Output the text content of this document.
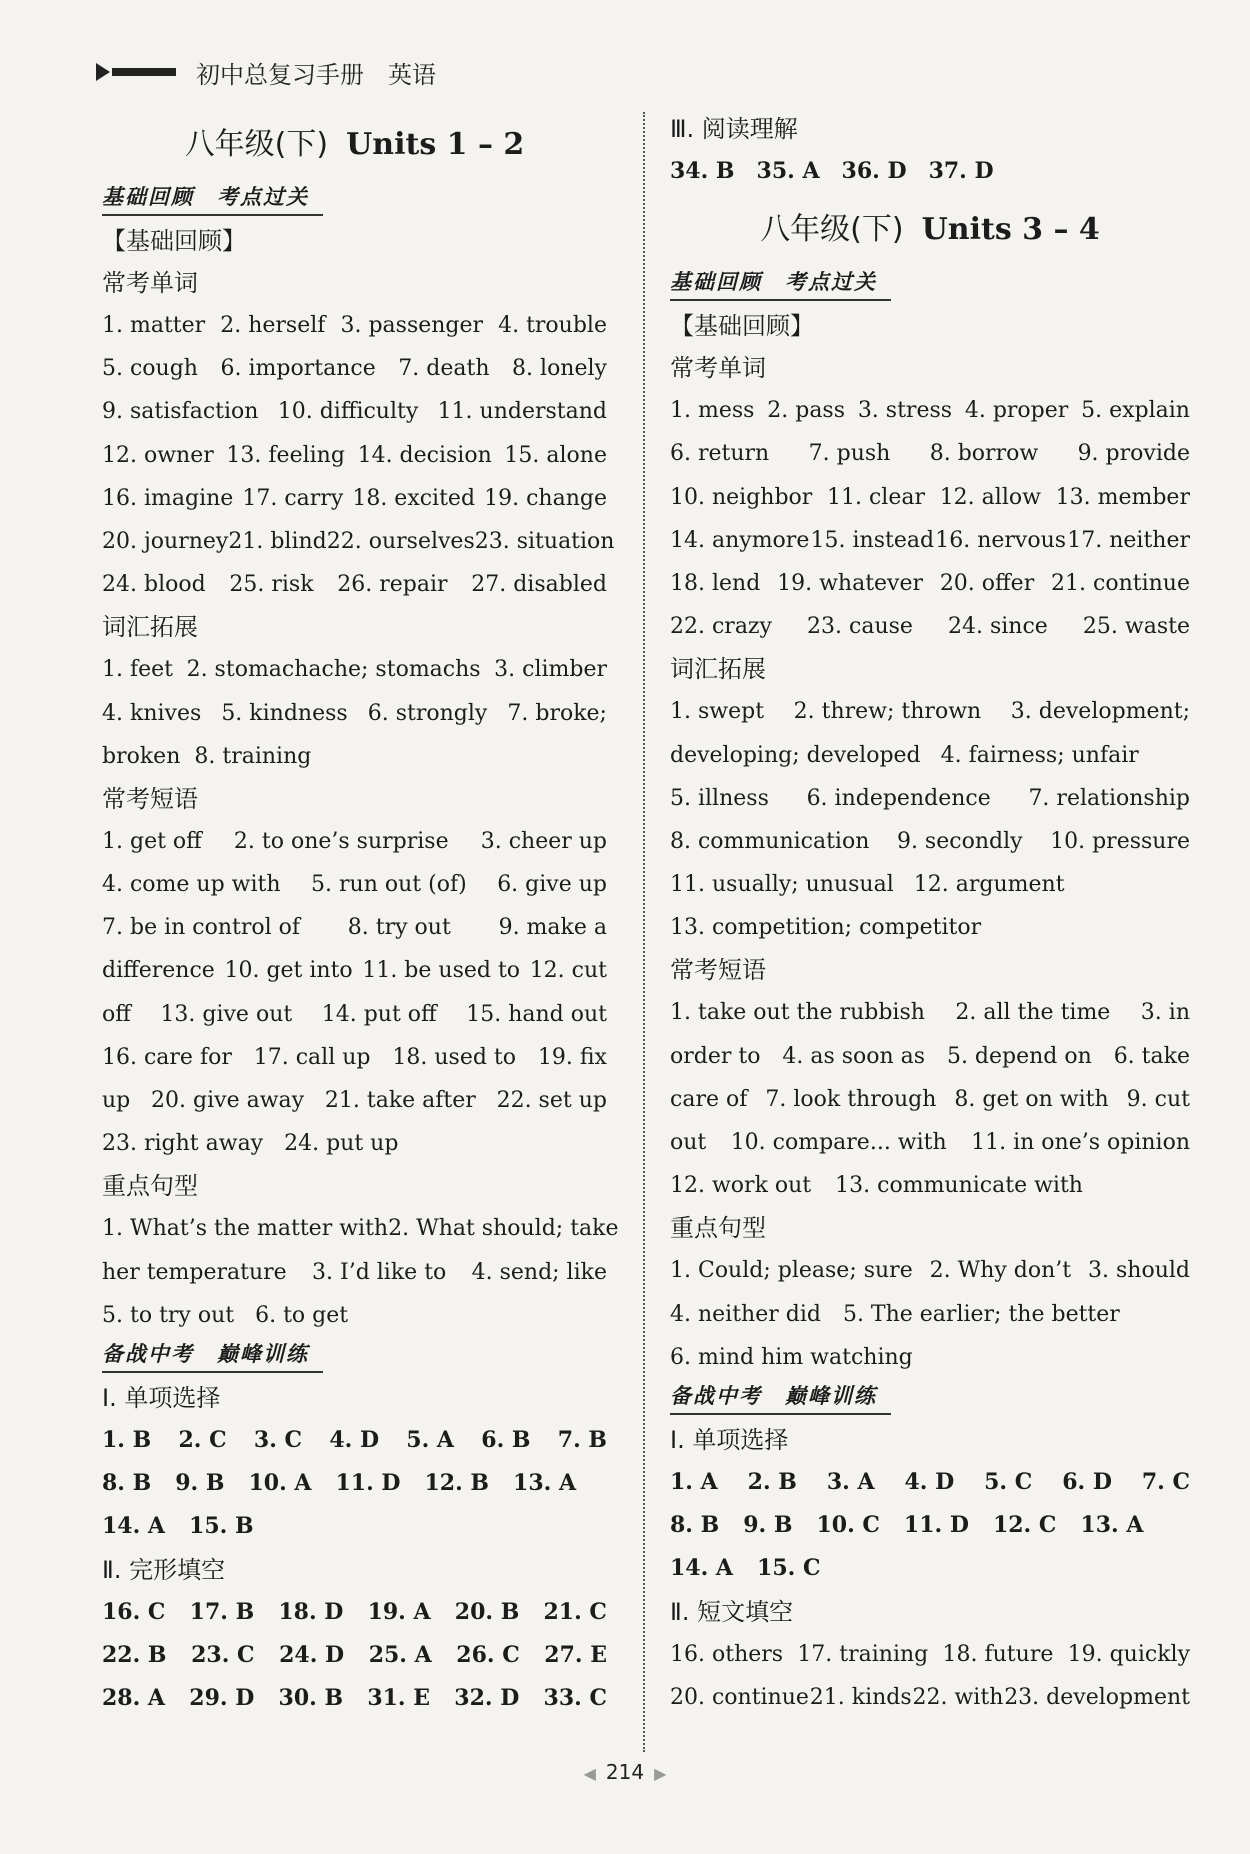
初中总复习手册 英语
八年级(下) Units 1 – 2
基础回顾　考点过关
【基础回顾】
常考单词
1. matter 2. herself 3. passenger 4. trouble
5. cough 6. importance 7. death 8. lonely
9. satisfaction 10. difficulty 11. understand
12. owner 13. feeling 14. decision 15. alone
16. imagine 17. carry 18. excited 19. change
20. journey 21. blind 22. ourselves 23. situation
24. blood 25. risk 26. repair 27. disabled
词汇拓展
1. feet 2. stomachache; stomachs 3. climber
4. knives 5. kindness 6. strongly 7. broke;
broken 8. training
常考短语
1. get off 2. to one’s surprise 3. cheer up
4. come up with 5. run out (of) 6. give up
7. be in control of 8. try out 9. make a
difference 10. get into 11. be used to 12. cut
off 13. give out 14. put off 15. hand out
16. care for 17. call up 18. used to 19. fix
up 20. give away 21. take after 22. set up
23. right away 24. put up
重点句型
1. What’s the matter with 2. What should; take
her temperature 3. I’d like to 4. send; like
5. to try out 6. to get
备战中考　巅峰训练
Ⅰ. 单项选择
1. B 2. C 3. C 4. D 5. A 6. B 7. B
8. B 9. B 10. A 11. D 12. B 13. A
14. A 15. B
Ⅱ. 完形填空
16. C 17. B 18. D 19. A 20. B 21. C
22. B 23. C 24. D 25. A 26. C 27. E
28. A 29. D 30. B 31. E 32. D 33. C
Ⅲ. 阅读理解
34. B 35. A 36. D 37. D
八年级(下) Units 3 – 4
基础回顾　考点过关
【基础回顾】
常考单词
1. mess 2. pass 3. stress 4. proper 5. explain
6. return 7. push 8. borrow 9. provide
10. neighbor 11. clear 12. allow 13. member
14. anymore 15. instead 16. nervous 17. neither
18. lend 19. whatever 20. offer 21. continue
22. crazy 23. cause 24. since 25. waste
词汇拓展
1. swept 2. threw; thrown 3. development;
developing; developed 4. fairness; unfair
5. illness 6. independence 7. relationship
8. communication 9. secondly 10. pressure
11. usually; unusual 12. argument
13. competition; competitor
常考短语
1. take out the rubbish 2. all the time 3. in
order to 4. as soon as 5. depend on 6. take
care of 7. look through 8. get on with 9. cut
out 10. compare... with 11. in one’s opinion
12. work out 13. communicate with
重点句型
1. Could; please; sure 2. Why don’t 3. should
4. neither did 5. The earlier; the better
6. mind him watching
备战中考　巅峰训练
Ⅰ. 单项选择
1. A 2. B 3. A 4. D 5. C 6. D 7. C
8. B 9. B 10. C 11. D 12. C 13. A
14. A 15. C
Ⅱ. 短文填空
16. others 17. training 18. future 19. quickly
20. continue 21. kinds 22. with 23. development
◀ 214 ▶
